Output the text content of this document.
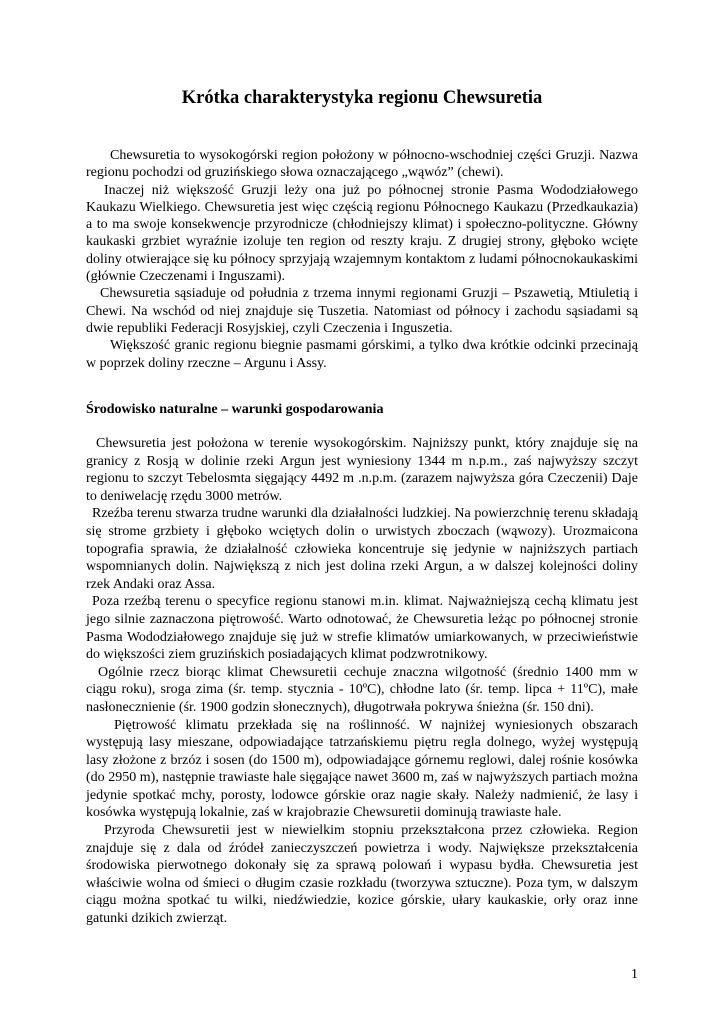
Krótka charakterystyka regionu Chewsuretia

Chewsuretia to wysokogórski region położony w północno-wschodniej części Gruzji. Nazwa regionu pochodzi od gruzińskiego słowa oznaczającego „wąwóz” (chewi).

Inaczej niż większość Gruzji leży ona już po północnej stronie Pasma Wododziałowego Kaukazu Wielkiego. Chewsuretia jest więc częścią regionu Północnego Kaukazu (Przedkaukazia) a to ma swoje konsekwencje przyrodnicze (chłodniejszy klimat) i społeczno-polityczne. Główny kaukaski grzbiet wyraźnie izoluje ten region od reszty kraju. Z drugiej strony, głęboko wcięte doliny otwierające się ku północy sprzyjają wzajemnym kontaktom z ludami północnokaukaskimi (głównie Czeczenami i Inguszami).

Chewsuretia sąsiaduje od południa z trzema innymi regionami Gruzji – Pszawetią, Mtiuletią i Chewi. Na wschód od niej znajduje się Tuszetia. Natomiast od północy i zachodu sąsiadami są dwie republiki Federacji Rosyjskiej, czyli Czeczenia i Inguszetia.

Większość granic regionu biegnie pasmami górskimi, a tylko dwa krótkie odcinki przecinają w poprzek doliny rzeczne – Argunu i Assy.

Środowisko naturalne – warunki gospodarowania

Chewsuretia jest położona w terenie wysokogórskim. Najniższy punkt, który znajduje się na granicy z Rosją w dolinie rzeki Argun jest wyniesiony 1344 m n.p.m., zaś najwyższy szczyt regionu to szczyt Tebelosmta sięgający 4492 m .n.p.m. (zarazem najwyższa góra Czeczenii) Daje to deniwelację rzędu 3000 metrów.

Rzeźba terenu stwarza trudne warunki dla działalności ludzkiej. Na powierzchnię terenu składają się strome grzbiety i głęboko wciętych dolin o urwistych zboczach (wąwozy). Urozmaicona topografia sprawia, że działalność człowieka koncentruje się jedynie w najniższych partiach wspomnianych dolin. Największą z nich jest dolina rzeki Argun, a w dalszej kolejności doliny rzek Andaki oraz Assa.

Poza rzeźbą terenu o specyfice regionu stanowi m.in. klimat. Najważniejszą cechą klimatu jest jego silnie zaznaczona piętrowość. Warto odnotować, że Chewsuretia leżąc po północnej stronie Pasma Wododziałowego znajduje się już w strefie klimatów umiarkowanych, w przeciwieństwie do większości ziem gruzińskich posiadających klimat podzwrotnikowy.

Ogólnie rzecz biorąc klimat Chewsuretii cechuje znaczna wilgotność (średnio 1400 mm w ciągu roku), sroga zima (śr. temp. stycznia - 10ºC), chłodne lato (śr. temp. lipca + 11ºC), małe nasłonecznienie (śr. 1900 godzin słonecznych), długotrwała pokrywa śnieżna (śr. 150 dni).

Piętrowość klimatu przekłada się na roślinność. W najniżej wyniesionych obszarach występują lasy mieszane, odpowiadające tatrzańskiemu piętru regla dolnego, wyżej występują lasy złożone z brzóz i sosen (do 1500 m), odpowiadające górnemu reglowi, dalej rośnie kosówka (do 2950 m), następnie trawiaste hale sięgające nawet 3600 m, zaś w najwyższych partiach można jedynie spotkać mchy, porosty, lodowce górskie oraz nagie skały. Należy nadmienić, że lasy i kosówka występują lokalnie, zaś w krajobrazie Chewsuretii dominują trawiaste hale.

Przyroda Chewsuretii jest w niewielkim stopniu przekształcona przez człowieka. Region znajduje się z dala od źródeł zanieczyszczeń powietrza i wody. Największe przekształcenia środowiska pierwotnego dokonały się za sprawą polowań i wypasu bydła. Chewsuretia jest właściwie wolna od śmieci o długim czasie rozkładu (tworzywa sztuczne). Poza tym, w dalszym ciągu można spotkać tu wilki, niedźwiedzie, kozice górskie, ułary kaukaskie, orły oraz inne gatunki dzikich zwierząt.

1
